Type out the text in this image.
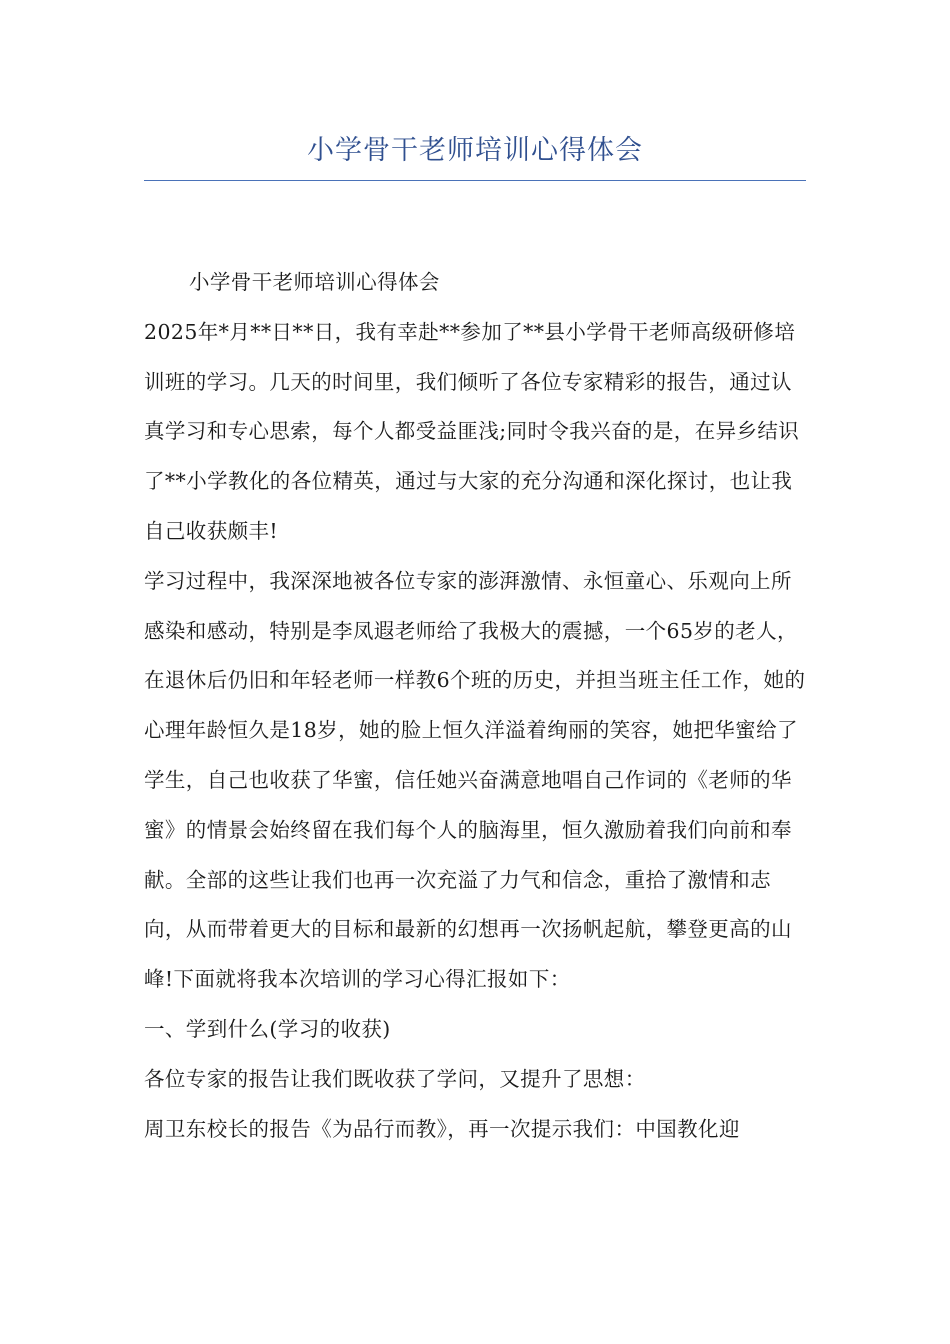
小学骨干老师培训心得体会

小学骨干老师培训心得体会

2025年*月**日**日，我有幸赴**参加了**县小学骨干老师高级研修培训班的学习。几天的时间里，我们倾听了各位专家精彩的报告，通过认真学习和专心思索，每个人都受益匪浅;同时令我兴奋的是，在异乡结识了**小学教化的各位精英，通过与大家的充分沟通和深化探讨，也让我自己收获颇丰!

学习过程中，我深深地被各位专家的澎湃激情、永恒童心、乐观向上所感染和感动，特别是李凤遐老师给了我极大的震撼，一个65岁的老人，在退休后仍旧和年轻老师一样教6个班的历史，并担当班主任工作，她的心理年龄恒久是18岁，她的脸上恒久洋溢着绚丽的笑容，她把华蜜给了学生，自己也收获了华蜜，信任她兴奋满意地唱自己作词的《老师的华蜜》的情景会始终留在我们每个人的脑海里，恒久激励着我们向前和奉献。全部的这些让我们也再一次充溢了力气和信念，重拾了激情和志向，从而带着更大的目标和最新的幻想再一次扬帆起航，攀登更高的山峰!下面就将我本次培训的学习心得汇报如下：

一、学到什么(学习的收获)

各位专家的报告让我们既收获了学问，又提升了思想：

周卫东校长的报告《为品行而教》，再一次提示我们：中国教化迎
